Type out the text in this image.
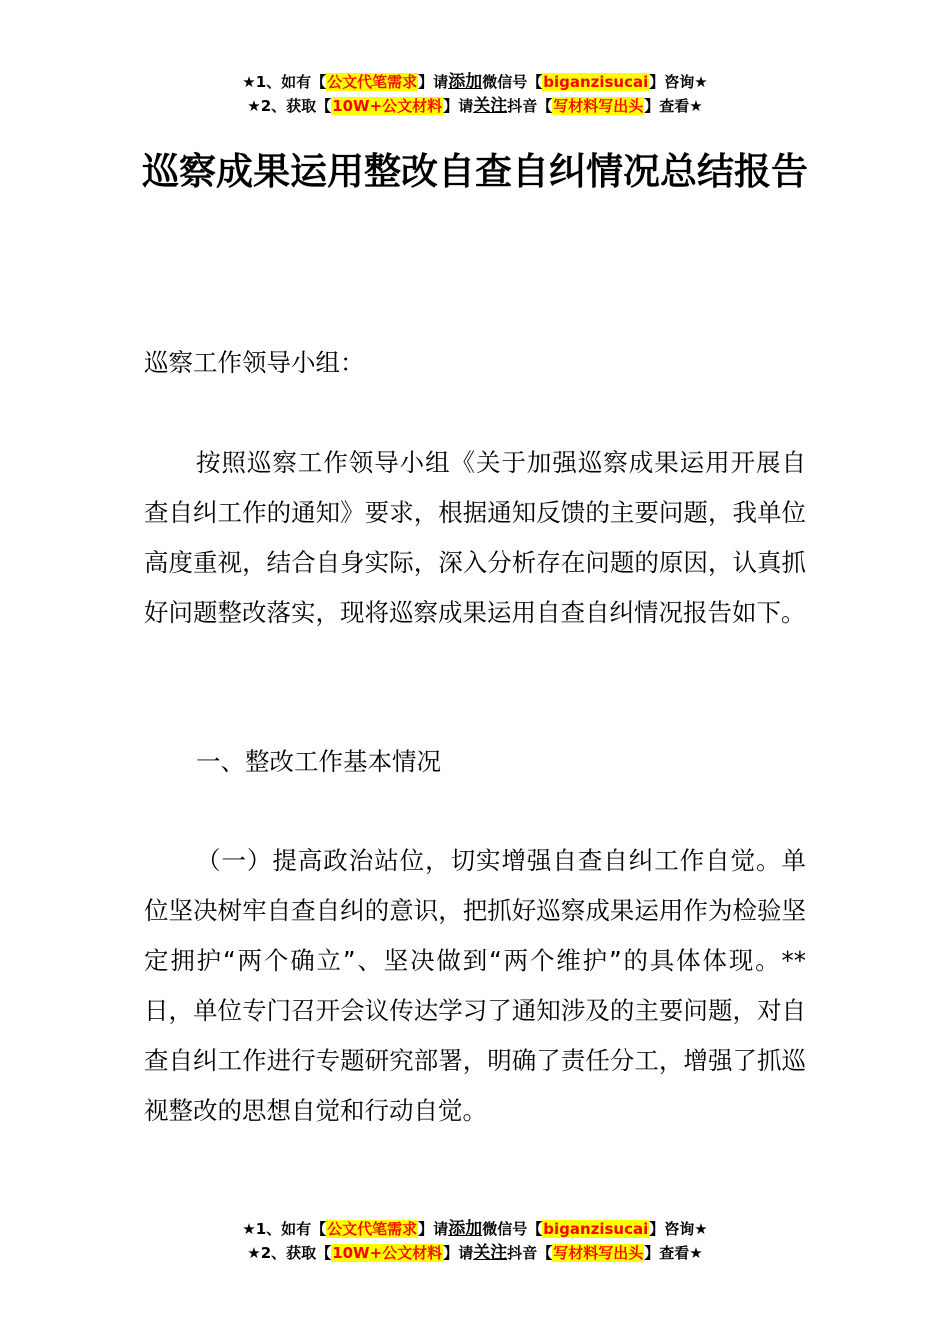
★1、如有【公文代笔需求】请添加微信号【biganzisucai】咨询★
★2、获取【10W+公文材料】请关注抖音【写材料写出头】查看★
巡察成果运用整改自查自纠情况总结报告

巡察工作领导小组：

按照巡察工作领导小组《关于加强巡察成果运用开展自查自纠工作的通知》要求，根据通知反馈的主要问题，我单位高度重视，结合自身实际，深入分析存在问题的原因，认真抓好问题整改落实，现将巡察成果运用自查自纠情况报告如下。

一、整改工作基本情况

（一）提高政治站位，切实增强自查自纠工作自觉。单位坚决树牢自查自纠的意识，把抓好巡察成果运用作为检验坚定拥护“两个确立”、坚决做到“两个维护”的具体体现。**日，单位专门召开会议传达学习了通知涉及的主要问题，对自查自纠工作进行专题研究部署，明确了责任分工，增强了抓巡视整改的思想自觉和行动自觉。

★1、如有【公文代笔需求】请添加微信号【biganzisucai】咨询★
★2、获取【10W+公文材料】请关注抖音【写材料写出头】查看★
